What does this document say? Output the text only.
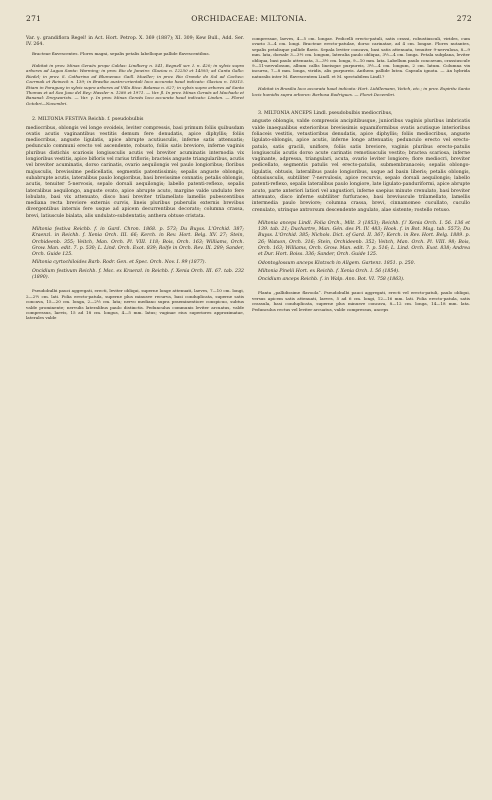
271	ORCHIDACEAE: MILTONIA.	272

Var. γ. grandiflora Regel! in Act. Hort. Petrop. X. 369 (1887); XI. 309; Kew Bull., Add. Ser. IV. 264.

Bracteae flavescentes. Flores magni, sepalis petalis labelloque pallide flavescentibus.

Habitat in prov. Minas Geraës prope Caldas: Lindberg n. 541, Regnell ser. I. n. 420; in sylvis supra arbores ad Lagoa Santa: Warming; in prov. Rio de Janeiro: Glaziou n. 12250 et 14593; ad Canta Gallo: Riedel; in prov. S. Catharina ad Blumenau: Gaill. Mueller; in prov. Rio Grande do Sul ad Cacheo: Czermak et Reineck n. 139; in Brasilia austro-orientali loco accurata haud indicato: Glaziou n. 18315. Etiam in Paraguay in sylvis supra arbores ad Villa Rica: Balansa n. 627; in sylvis supra arbores ad Santo Thomas et ad Sao Joao del Rey: Hassler n. 1280 et 1971. — Var. β. In prov. Minas Geraës ad Machado et Bananal: Dreywarizts. — Var. γ. In prov. Minas Geraës loco accurata haud indicato: Linden. — Floret Octobri—Novembri.

2. MILTONIA FESTIVA Reichb. f. pseudobulbis

mediocribus, oblongis vel longe ovoideis, leviter compressis, basi primum foliis quibusdam ovatis acutis vaginantibus vestitis demum fere denudatis, apice diphyllis; foliis mediocribus, anguste ligulatis, apice abrupte acutiusculis, inferne satis attenuatis; pedunculo communi erecto vel ascendente, robusto, foliis satis breviore, inferne vaginis pluribus distichis scariosis longiusculis acutis vel breviter acuminatis internodia vix longioribus vestitis, apice bifloris vel rarius trifloris; bracteis anguste triangularibus, acutis vel breviter acuminatis, dorso carinatis, ovario aequilongis vel paulo longioribus; floribus majusculis, brevissime pedicellatis, segmentis patentissimis; sepalis anguste oblongis, subabrupte acutis, lateralibus paulo longioribus, basi brevissime connatis; petalis oblongis, acutis, tenuiter 5-nervosis, sepalo dorsali aequilongis; labello patenti-reflexo, sepalis lateralibus aequilongo, anguste ovato, apice abrupte acuto, margine valde undulato fere lobulato, basi vix attenuato, disco basi breviter trilamellato lamellis pubescentibus mediana recta breviore externis curvis, lineis pluribus puberulis externis brevibus divergentibus internis fere usque ad apicem decurrentibus decorato; columna crassa, brevi, latiuscule bialata, alis undulato-subdentatis; anthera obtuse cristata.

Miltonia festiva Reichb. f. in Gard. Chron. 1868. p. 573; Du Buyss. L'Orchid. 387; Kraenzl. in Reichb. f. Xenia Orch. III. 66; Kerch. in Rev. Hort. Belg. XV. 27; Stein, Orchideenb. 355; Veitch, Man. Orch. Pl. VIII. 118; Bois, Orch. 163; Williams, Orch. Grow. Man. edit. 7. p. 530; L. Lind. Orch. Exot. 839; Rolfe in Orch. Rev. IX. 289; Sander, Orch. Guide 125.

Miltonia cyrtochiloides Barb. Rodr. Gen. et Spec. Orch. Nov. I. 99 (1877).

Oncidium festivum Reichb. f. Msc. ex Kraenzl. in Reichb. f. Xenia Orch. III. 67. tab. 232 (1890).

Pseudobulbi pauci aggregati, erecti, leviter obliqui, superne longe attenuati, laeves, 7—10 cm. longi, 2—2½ cm. lati. Folia erecto-patula, superne plus minusve recurva, basi conduplicata, superne satis concava, 15—20 cm. longa, 2—2½ cm. lata; nervo mediano supra praeminentiore conspicuo, subtus valde prominente; nervulis lateralibus paulo distinctis. Pedunculus communis leviter arcuatus, valde compressus, laevis, 15 ad 18 cm. longus, 4—5 mm. latus; vaginae eius superiores approximatae, laterales valde

compressae, laeves, 4—5 cm. longae. Pedicelli erecto-patuli, satis crassi, robustiusculi, virides, cum ovario 3—4 cm. longi. Bracteae erecto-patulae, dorso carinatae, ad 4 cm. longae. Flores nutantes, sepalis petalisque pallide flavis. Sepala leviter concava, basi satis attenuata, tenuiter 9-nervulosa, 8—9 mm. lata, dorsale 3—3½ cm. longum, lateralia paulo obliqua, 3½—4 cm. longa. Petala subplana, leviter obliqua, basi paulo attenuata, 3—3½ cm. longa, 9—10 mm. lata. Labellum paulo concavum, crassiuscule 9—11-nervulosum, album callis lineisque purpureis, 3½—4 cm. longum, 2 cm. latum. Columna vix incurva, 7—8 mm. longa, viridis, alis purpureis. Anthera pallide lutea. Capsula ignota. — An hybrida naturalis inter M. flavescentem Lindl. et M. spectabilem Lindl.?

Habitat in Brasilia loco accurata haud indicato: Hort. Liddlemann, Veitch, etc.; in prov. Espiritu Santo locis humidis supra arbores: Barbosa Rodrigues. — Floret Decembri.

3. MILTONIA ANCEPS Lindl. pseudobulbis mediocribus,

anguste oblongis, valde compressis ancipitibusque, junioribus vaginis pluribus imbricatis valde inaequalibus exterioribus brevissimis squamiformibus ovatis acutisque interioribus foliaceis vestitis, vetustioribus denudatis, apice diphyllis; foliis mediocribus, anguste ligulato-oblongis, apice acutis, inferne longe attenuatis; pedunculo erecto vel erecto-patulo, satis gracili, uniflore, foliis satis breviore, vaginis pluribus erecto-patulis longiusculis acutis dorso acute carinatis remotiusculis vestito; bractea scariosa, inferne vaginante, adpressa, triangulari, acuta, ovario leviter longiore; flore mediocri, breviter pedicellato, segmentis patulis vel erecto-patulis, submembranaceis; sepalis oblongo-ligulatis, obtusis, lateralibus paulo longioribus, usque ad basin liberis; petalis oblongis, obtusiusculis, subtiliter 7-nervulosis, apice recurvis, sepalo dorsali aequilongis; labello patenti-reflexo, sepalis lateralibus paulo longiore, late ligulato-panduriformi, apice abrupte acuto, parte anteriori latiori vel angustiori, inferne saepius minute crenulato, basi breviter attenuato, disco inferne subtiliter furfuraceo, basi breviuscule trilamellato, lamellis intermedia paulo breviore; columna crassa, brevi, cinnamomeo cucullato, cucullo crenulato, utrinque antrorsum descendente angulato, alae sistente; rostello retuso.

Miltonia anceps Lindl. Folia Orch., Milt. 3 (1853); Reichb. f.! Xenia Orch. I. 56. 136 et 139. tab. 21; Duchartre, Man. Gén. des Pl. IV. 483; Hook. f. in Bot. Mag. tab. 5573; Du Buyss. L'Orchid. 385; Nichols. Dict. of Gard. II. 367; Kerch. in Rev. Hort. Belg. 1889. p. 26; Watson, Orch. 316; Stein, Orchideenb. 352; Veitch, Man. Orch. Pl. VIII. 98; Bois, Orch. 163; Williams, Orch. Grow. Man. edit. 7. p. 516; L. Lind. Orch. Exot. 838; Andrea et Dur. Hort. Boiss. 336; Sander, Orch. Guide 125.

Odontoglossum anceps Klotzsch in Allgem. Gartenz. 1851. p. 250.

Miltonia Pinelii Hort. ex Reichb. f. Xenia Orch. I. 56 (1854).

Oncidium anceps Reichb. f. in Walp. Ann. Bot. VI. 758 (1863).

Planta „pallidissime flavoola“. Pseudobulbi pauci aggregati, erecti vel erecto-patuli, paulo obliqui, versus apicem satis attenuati, laeves, 5 ad 6 cm. longi, 12—16 mm. lati. Folia erecto-patula, satis crassula, basi conduplicata, superne plus minusve concava, 8—12 cm. longa, 14—18 mm. lata. Pedunculus rectus vel leviter arcuatus, valde compressus, anceps
